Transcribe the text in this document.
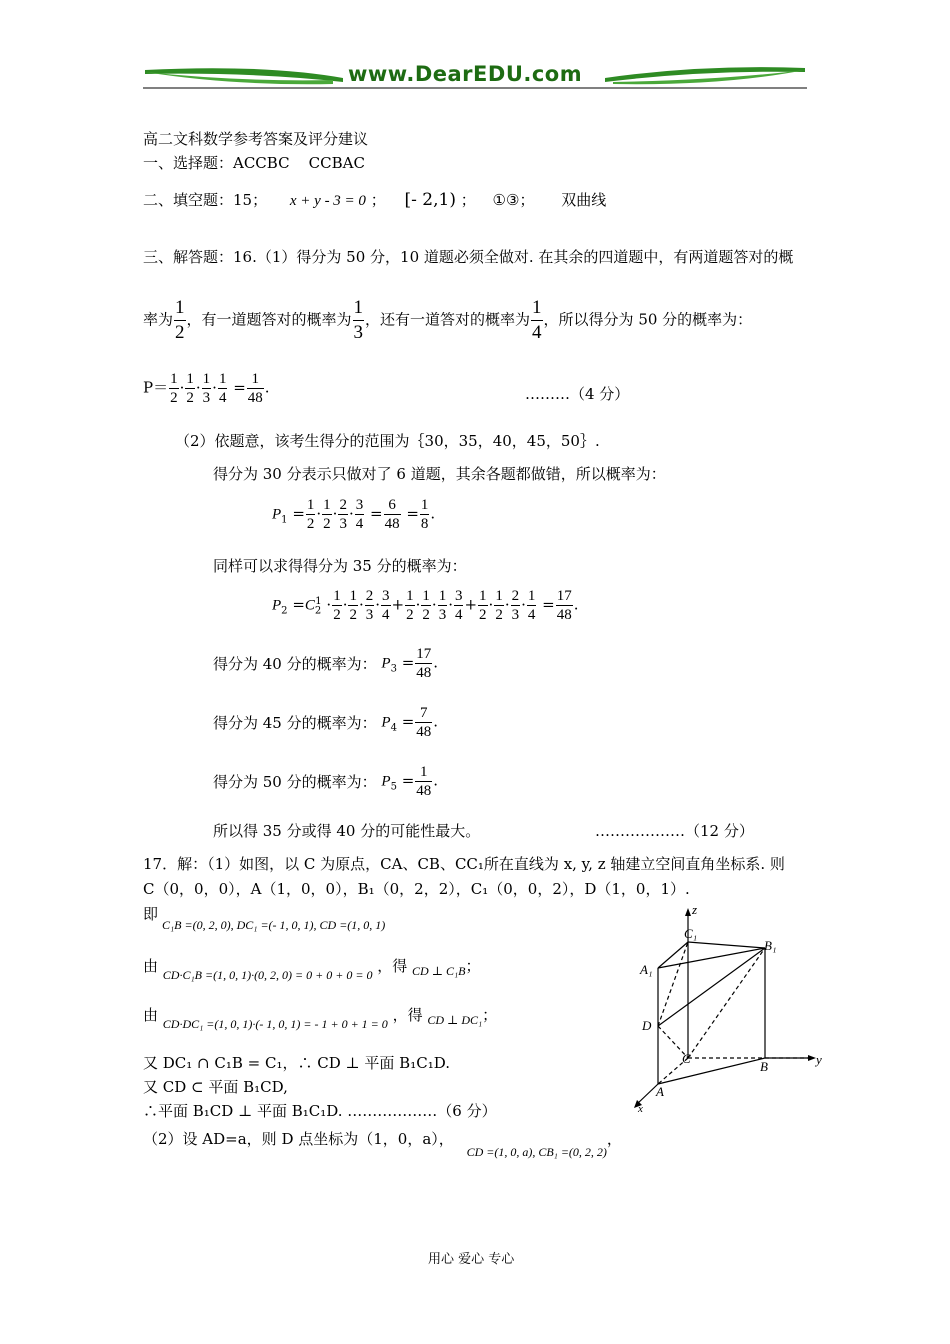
www.DearEDU.com
高二文科数学参考答案及评分建议
一、选择题：ACCBC    CCBAC
二、填空题：15； x + y - 3 = 0 ； [- 2,1) ； ①③； 双曲线
三、解答题：16.（1）得分为 50 分，10 道题必须全做对. 在其余的四道题中，有两道题答对的概
率为 $\frac{1}{2}$ ，有一道题答对的概率为 $\frac{1}{3}$ ，还有一道答对的概率为 $\frac{1}{4}$ ，所以得分为 50 分的概率为：
$P= \frac{1}{2} \cdot \frac{1}{2} \cdot \frac{1}{3} \cdot \frac{1}{4} = \frac{1}{48}$ .	………（4 分）
（2）依题意，该考生得分的范围为｛30，35，40，45，50｝.
得分为 30 分表示只做对了 6 道题，其余各题都做错，所以概率为：
$P_1 = \frac{1}{2} \cdot \frac{1}{2} \cdot \frac{2}{3} \cdot \frac{3}{4} = \frac{6}{48} = \frac{1}{8}$ .
同样可以求得得分为 35 分的概率为：
$P_2 =C_2^1 \cdot \frac{1}{2} \cdot \frac{1}{2} \cdot \frac{2}{3} \cdot \frac{3}{4} + \frac{1}{2} \cdot \frac{1}{2} \cdot \frac{1}{3} \cdot \frac{3}{4} + \frac{1}{2} \cdot \frac{1}{2} \cdot \frac{2}{3} \cdot \frac{1}{4} = \frac{17}{48}$ .
得分为 40 分的概率为： $P_3 = \frac{17}{48}$ .
得分为 45 分的概率为： $P_4 = \frac{7}{48}$ .
得分为 50 分的概率为： $P_5 = \frac{1}{48}$ .
所以得 35 分或得 40 分的可能性最大。	………………（12 分）
17．解：（1）如图，以 C 为原点，CA、CB、CC₁所在直线为 x, y, z 轴建立空间直角坐标系. 则
C（0，0，0），A（1，0，0），B₁（0，2，2），C₁（0，0，2），D（1，0，1）.
即
C₁B =(0, 2, 0), DC₁ =(- 1, 0, 1), CD =(1, 0, 1)
由 $_{CD\cdot C_1B =(1, 0, 1)\cdot(0, 2, 0) = 0 + 0 + 0 = 0}$ ，得 $_{CD \perp C_1B}$；
由 $_{CD\cdot DC_1 =(1, 0, 1)\cdot(- 1, 0, 1) = - 1 + 0 + 1 = 0}$ ，得 $_{CD \perp DC_1}$；
又 DC₁ ∩ C₁B = C₁，∴ CD ⊥ 平面 B₁C₁D.
又 CD ⊂ 平面 B₁CD,
∴平面 B₁CD ⊥ 平面 B₁C₁D. ………………（6 分）
（2）设 AD=a，则 D 点坐标为（1，0，a）， $_{CD =(1, 0, a), CB_1 =(0, 2, 2)}$，
z
y
x
C₁
B₁
A₁
D
C
B
A
用心 爱心 专心
